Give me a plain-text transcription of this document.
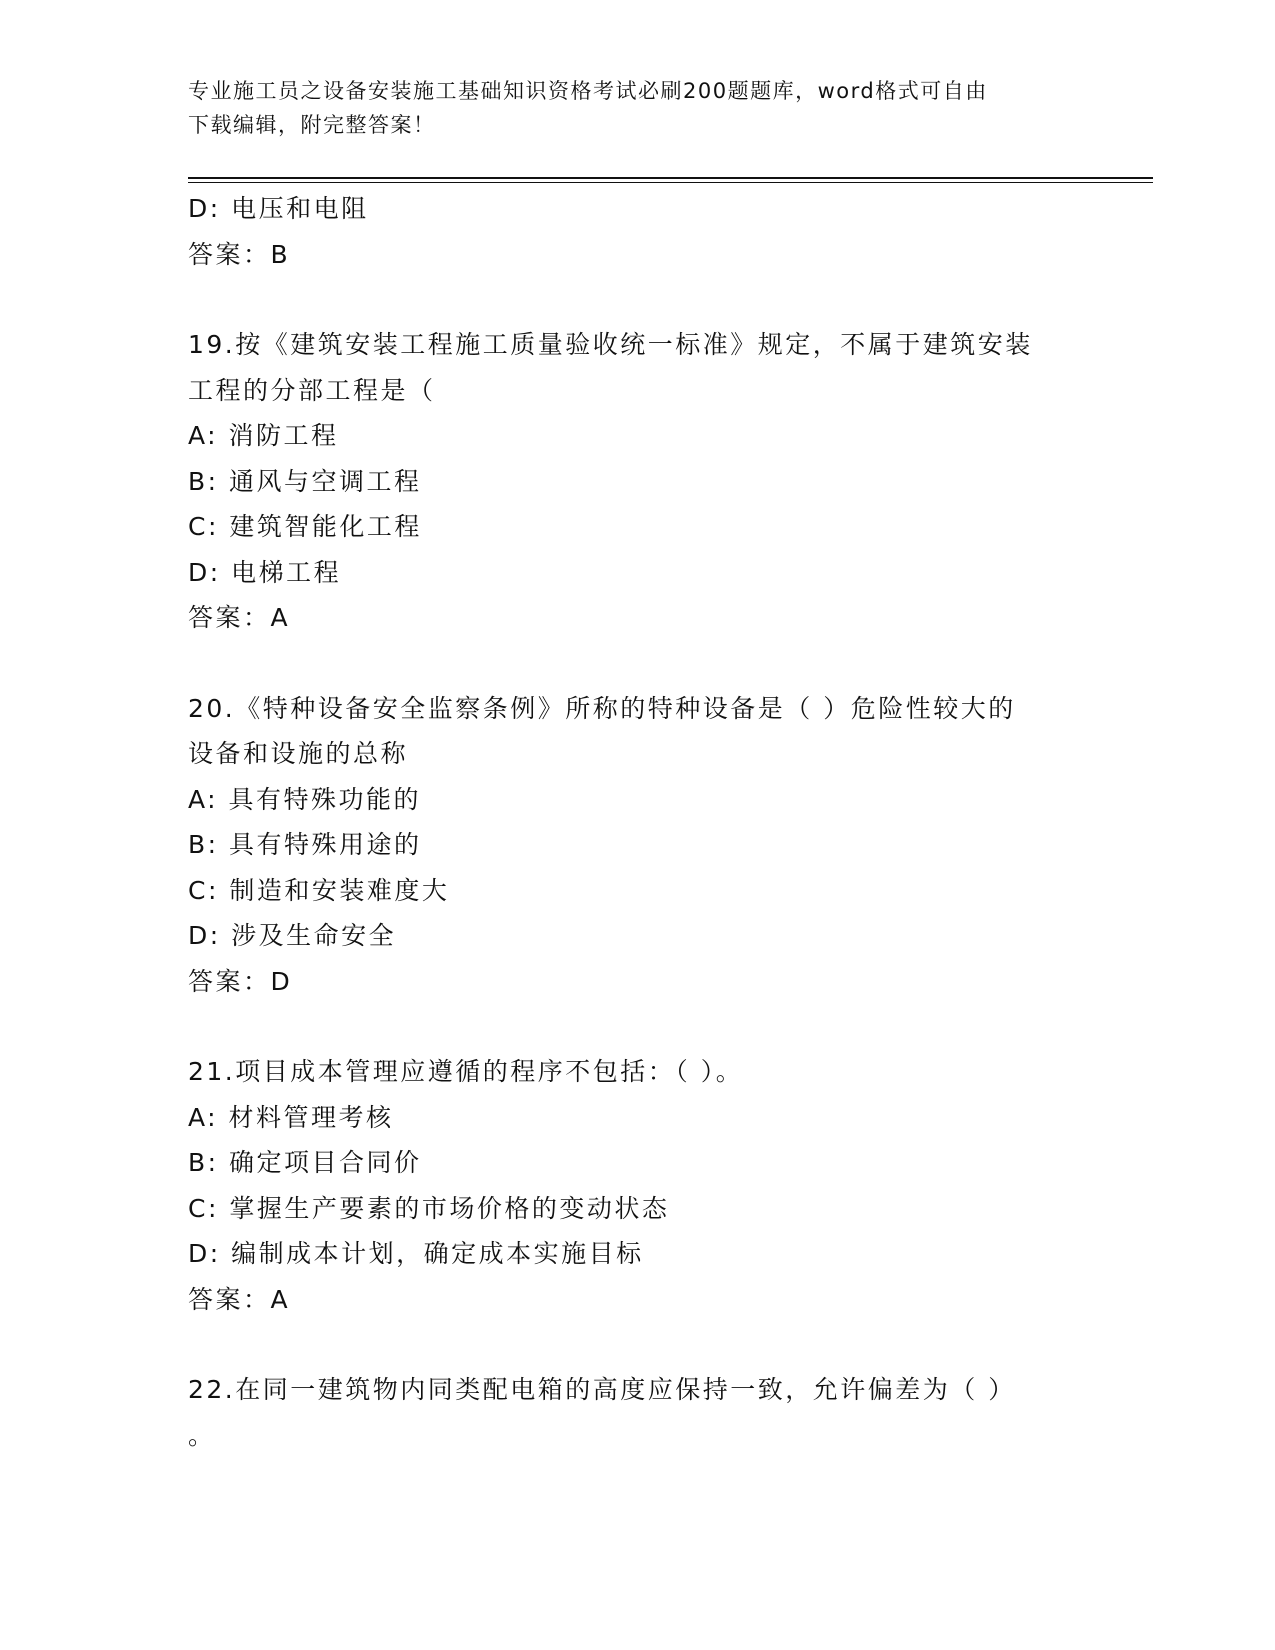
专业施工员之设备安装施工基础知识资格考试必刷200题题库，word格式可自由
下载编辑，附完整答案！
D: 电压和电阻
答案：B
19.按《建筑安装工程施工质量验收统一标准》规定，不属于建筑安装
工程的分部工程是（
A: 消防工程
B: 通风与空调工程
C: 建筑智能化工程
D: 电梯工程
答案：A
20.《特种设备安全监察条例》所称的特种设备是（ ）危险性较大的
设备和设施的总称
A: 具有特殊功能的
B: 具有特殊用途的
C: 制造和安装难度大
D: 涉及生命安全
答案：D
21.项目成本管理应遵循的程序不包括：（ ）。
A: 材料管理考核
B: 确定项目合同价
C: 掌握生产要素的市场价格的变动状态
D: 编制成本计划，确定成本实施目标
答案：A
22.在同一建筑物内同类配电箱的高度应保持一致，允许偏差为（ ）
。
